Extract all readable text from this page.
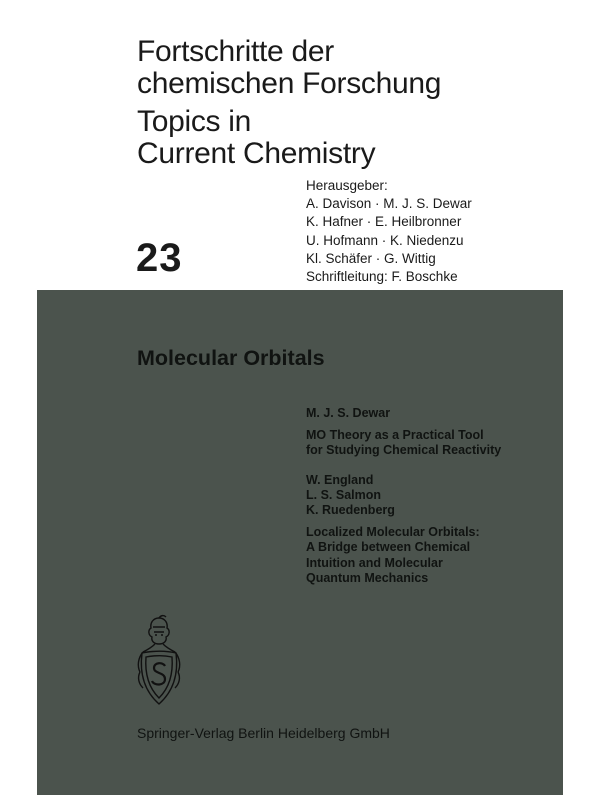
Fortschritte der
chemischen Forschung
Topics in
Current Chemistry
Herausgeber:
A. Davison · M. J. S. Dewar
K. Hafner · E. Heilbronner
U. Hofmann · K. Niedenzu
Kl. Schäfer · G. Wittig
Schriftleitung: F. Boschke
23
Molecular Orbitals
M. J. S. Dewar
MO Theory as a Practical Tool
for Studying Chemical Reactivity
W. England
L. S. Salmon
K. Ruedenberg
Localized Molecular Orbitals:
A Bridge between Chemical
Intuition and Molecular
Quantum Mechanics
Springer-Verlag Berlin Heidelberg GmbH
